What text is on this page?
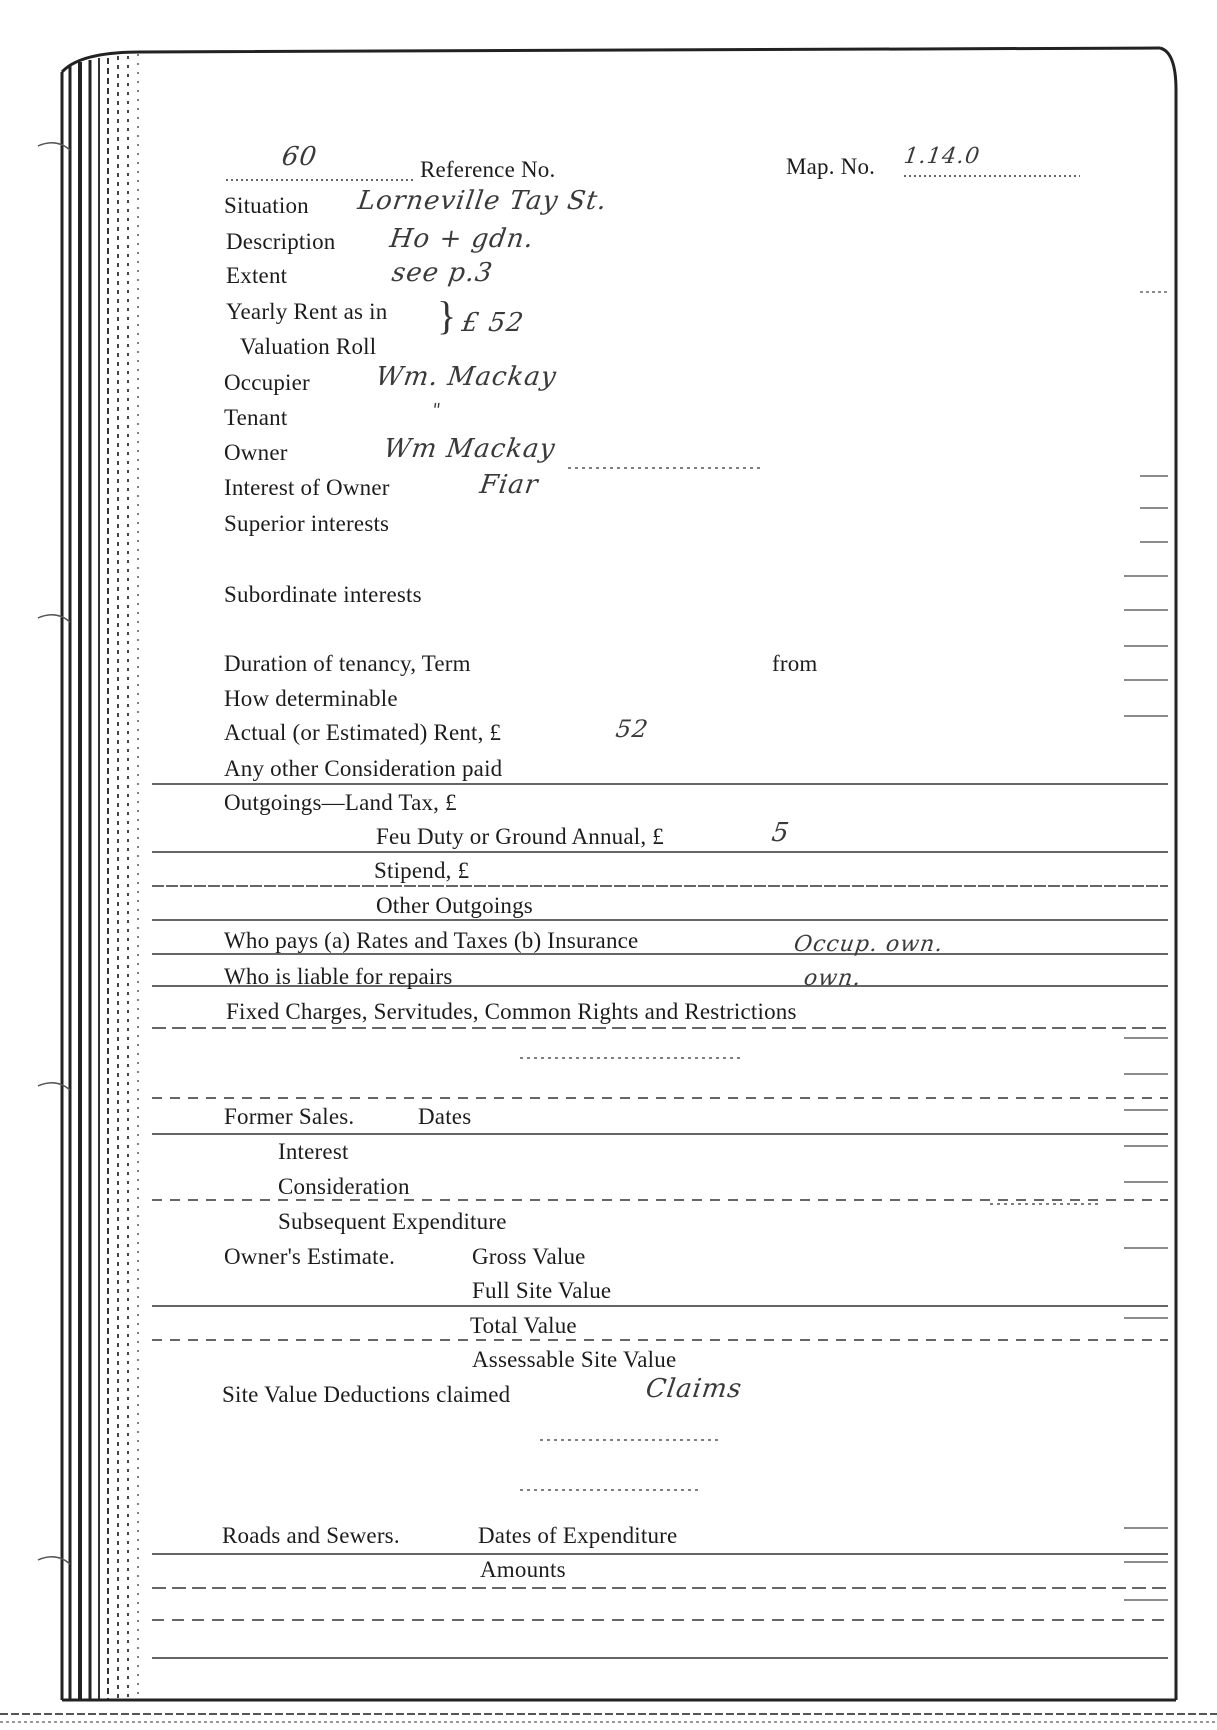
60	Reference No.	Map. No. 1.14.0
Situation Lorneville Tay St.
Description Ho + gdn.
Extent	see p.3
Yearly Rent as in
Valuation Roll
} £ 52
Occupier Wm. Mackay
Tenant	"
Owner	Wm Mackay
Interest of Owner	Fiar
Superior interests
Subordinate interests
Duration of tenancy, Term	from
How determinable
Actual (or Estimated) Rent, £	52
Any other Consideration paid
Outgoings—Land Tax, £
Feu Duty or Ground Annual, £	5
Stipend, £
Other Outgoings
Who pays (a) Rates and Taxes (b) Insurance	Occup. own.
Who is liable for repairs	own.
Fixed Charges, Servitudes, Common Rights and Restrictions
Former Sales.	Dates
Interest
Consideration
Subsequent Expenditure
Owner's Estimate.	Gross Value
Full Site Value
Total Value
Assessable Site Value
Site Value Deductions claimed	Claims
Roads and Sewers.	Dates of Expenditure
Amounts
